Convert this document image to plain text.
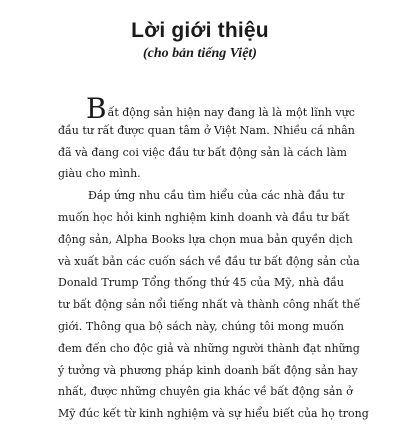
Lời giới thiệu
(cho bản tiếng Việt)
Bất động sản hiện nay đang là là một lĩnh vực
đầu tư rất được quan tâm ở Việt Nam. Nhiều cá nhân
đã và đang coi việc đầu tư bất động sản là cách làm
giàu cho mình.
Đáp ứng nhu cầu tìm hiểu của các nhà đầu tư
muốn học hỏi kinh nghiệm kinh doanh và đầu tư bất
động sản, Alpha Books lựa chọn mua bản quyền dịch
và xuất bản các cuốn sách về đầu tư bất động sản của
Donald Trump Tổng thống thứ 45 của Mỹ, nhà đầu
tư bất động sản nổi tiếng nhất và thành công nhất thế
giới. Thông qua bộ sách này, chúng tôi mong muốn
đem đến cho độc giả và những người thành đạt những
ý tưởng và phương pháp kinh doanh bất động sản hay
nhất, được những chuyên gia khác về bất động sản ở
Mỹ đúc kết từ kinh nghiệm và sự hiểu biết của họ trong
